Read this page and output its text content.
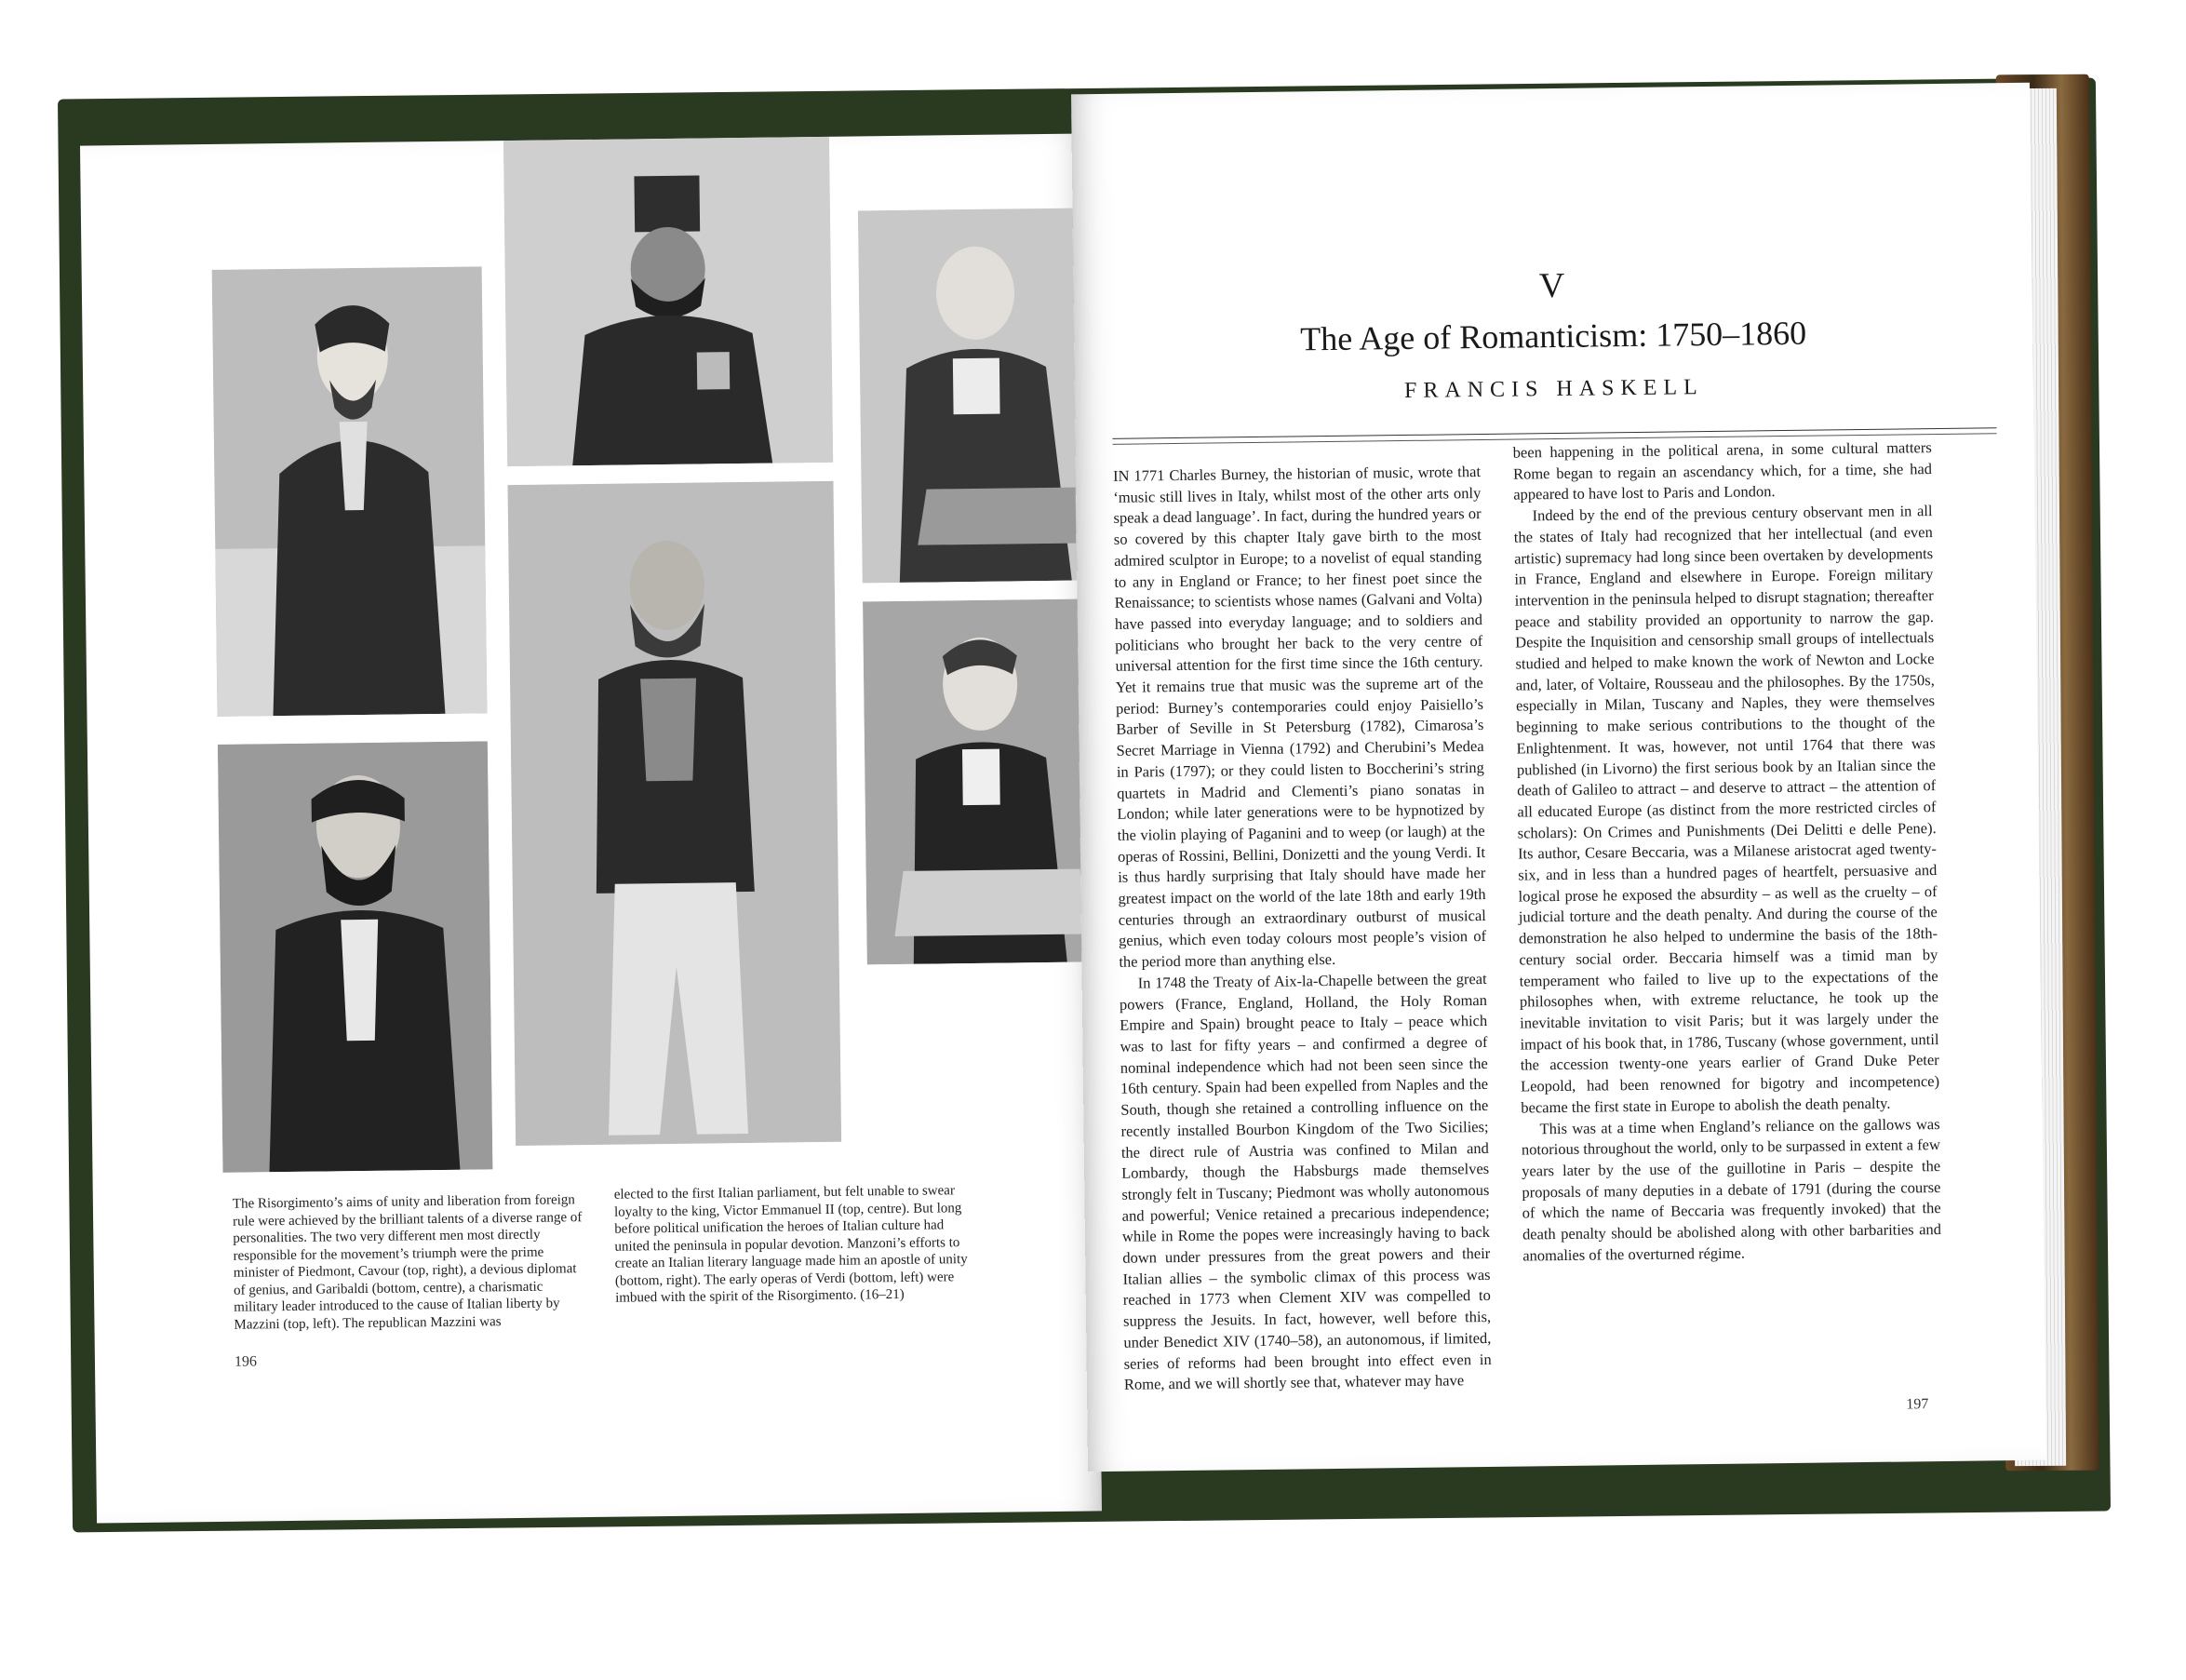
The Risorgimento’s aims of unity and liberation from foreign rule were achieved by the brilliant talents of a diverse range of personalities. The two very different men most directly responsible for the movement’s triumph were the prime minister of Piedmont, Cavour (top, right), a devious diplomat of genius, and Garibaldi (bottom, centre), a charismatic military leader introduced to the cause of Italian liberty by Mazzini (top, left). The republican Mazzini was
elected to the first Italian parliament, but felt unable to swear loyalty to the king, Victor Emmanuel II (top, centre). But long before political unification the heroes of Italian culture had united the peninsula in popular devotion. Manzoni’s efforts to create an Italian literary language made him an apostle of unity (bottom, right). The early operas of Verdi (bottom, left) were imbued with the spirit of the Risorgimento. (16–21)
196
V
The Age of Romanticism: 1750–1860
FRANCIS HASKELL

IN 1771 Charles Burney, the historian of music, wrote that ‘music still lives in Italy, whilst most of the other arts only speak a dead language’. In fact, during the hundred years or so covered by this chapter Italy gave birth to the most admired sculptor in Europe; to a novelist of equal standing to any in England or France; to her finest poet since the Renaissance; to scientists whose names (Galvani and Volta) have passed into everyday language; and to soldiers and politicians who brought her back to the very centre of universal attention for the first time since the 16th century. Yet it remains true that music was the supreme art of the period: Burney’s contemporaries could enjoy Paisiello’s Barber of Seville in St Petersburg (1782), Cimarosa’s Secret Marriage in Vienna (1792) and Cherubini’s Medea in Paris (1797); or they could listen to Boccherini’s string quartets in Madrid and Clementi’s piano sonatas in London; while later generations were to be hypnotized by the violin playing of Paganini and to weep (or laugh) at the operas of Rossini, Bellini, Donizetti and the young Verdi. It is thus hardly surprising that Italy should have made her greatest impact on the world of the late 18th and early 19th centuries through an extraordinary outburst of musical genius, which even today colours most people’s vision of the period more than anything else.

In 1748 the Treaty of Aix-la-Chapelle between the great powers (France, England, Holland, the Holy Roman Empire and Spain) brought peace to Italy – peace which was to last for fifty years – and confirmed a degree of nominal independence which had not been seen since the 16th century. Spain had been expelled from Naples and the South, though she retained a controlling influence on the recently installed Bourbon Kingdom of the Two Sicilies; the direct rule of Austria was confined to Milan and Lombardy, though the Habsburgs made themselves strongly felt in Tuscany; Piedmont was wholly autonomous and powerful; Venice retained a precarious independence; while in Rome the popes were increasingly having to back down under pressures from the great powers and their Italian allies – the symbolic climax of this process was reached in 1773 when Clement XIV was compelled to suppress the Jesuits. In fact, however, well before this, under Benedict XIV (1740–58), an autonomous, if limited, series of reforms had been brought into effect even in Rome, and we will shortly see that, whatever may have

been happening in the political arena, in some cultural matters Rome began to regain an ascendancy which, for a time, she had appeared to have lost to Paris and London.

Indeed by the end of the previous century observant men in all the states of Italy had recognized that her intellectual (and even artistic) supremacy had long since been overtaken by developments in France, England and elsewhere in Europe. Foreign military intervention in the peninsula helped to disrupt stagnation; thereafter peace and stability provided an opportunity to narrow the gap. Despite the Inquisition and censorship small groups of intellectuals studied and helped to make known the work of Newton and Locke and, later, of Voltaire, Rousseau and the philosophes. By the 1750s, especially in Milan, Tuscany and Naples, they were themselves beginning to make serious contributions to the thought of the Enlightenment. It was, however, not until 1764 that there was published (in Livorno) the first serious book by an Italian since the death of Galileo to attract – and deserve to attract – the attention of all educated Europe (as distinct from the more restricted circles of scholars): On Crimes and Punishments (Dei Delitti e delle Pene). Its author, Cesare Beccaria, was a Milanese aristocrat aged twenty-six, and in less than a hundred pages of heartfelt, persuasive and logical prose he exposed the absurdity – as well as the cruelty – of judicial torture and the death penalty. And during the course of the demonstration he also helped to undermine the basis of the 18th-century social order. Beccaria himself was a timid man by temperament who failed to live up to the expectations of the philosophes when, with extreme reluctance, he took up the inevitable invitation to visit Paris; but it was largely under the impact of his book that, in 1786, Tuscany (whose government, until the accession twenty-one years earlier of Grand Duke Peter Leopold, had been renowned for bigotry and incompetence) became the first state in Europe to abolish the death penalty.

This was at a time when England’s reliance on the gallows was notorious throughout the world, only to be surpassed in extent a few years later by the use of the guillotine in Paris – despite the proposals of many deputies in a debate of 1791 (during the course of which the name of Beccaria was frequently invoked) that the death penalty should be abolished along with other barbarities and anomalies of the overturned régime.

197
